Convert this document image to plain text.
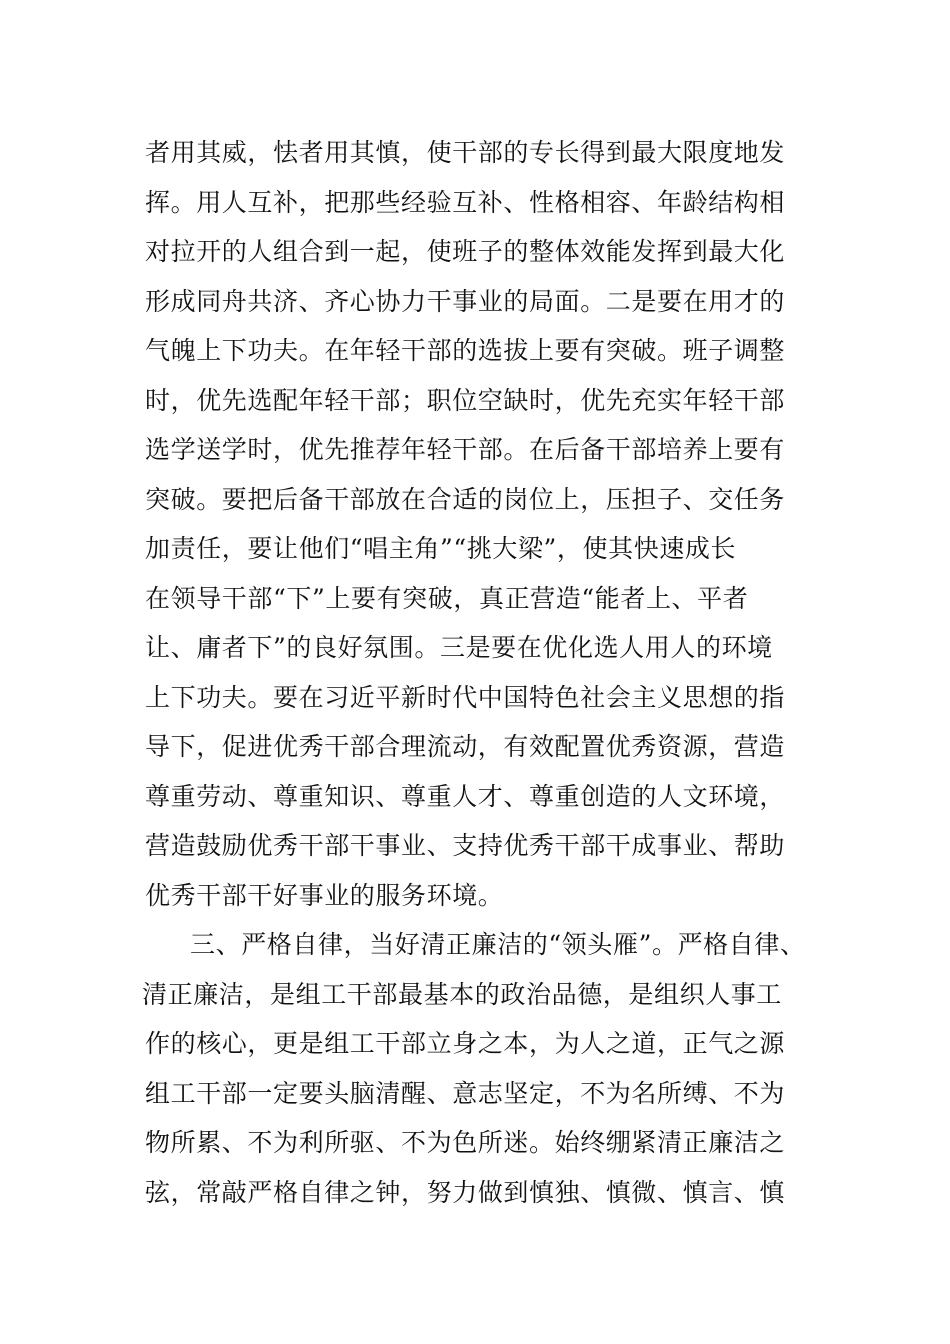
者用其威，怯者用其慎，使干部的专长得到最大限度地发
挥。用人互补，把那些经验互补、性格相容、年龄结构相
对拉开的人组合到一起，使班子的整体效能发挥到最大化
形成同舟共济、齐心协力干事业的局面。二是要在用才的
气魄上下功夫。在年轻干部的选拔上要有突破。班子调整
时，优先选配年轻干部；职位空缺时，优先充实年轻干部
选学送学时，优先推荐年轻干部。在后备干部培养上要有
突破。要把后备干部放在合适的岗位上，压担子、交任务
加责任，要让他们“唱主角”“挑大梁”，使其快速成长
在领导干部“下”上要有突破，真正营造“能者上、平者
让、庸者下”的良好氛围。三是要在优化选人用人的环境
上下功夫。要在习近平新时代中国特色社会主义思想的指
导下，促进优秀干部合理流动，有效配置优秀资源，营造
尊重劳动、尊重知识、尊重人才、尊重创造的人文环境，
营造鼓励优秀干部干事业、支持优秀干部干成事业、帮助
优秀干部干好事业的服务环境。
三、严格自律，当好清正廉洁的“领头雁”。严格自律、
清正廉洁，是组工干部最基本的政治品德，是组织人事工
作的核心，更是组工干部立身之本，为人之道，正气之源
组工干部一定要头脑清醒、意志坚定，不为名所缚、不为
物所累、不为利所驱、不为色所迷。始终绷紧清正廉洁之
弦，常敲严格自律之钟，努力做到慎独、慎微、慎言、慎
